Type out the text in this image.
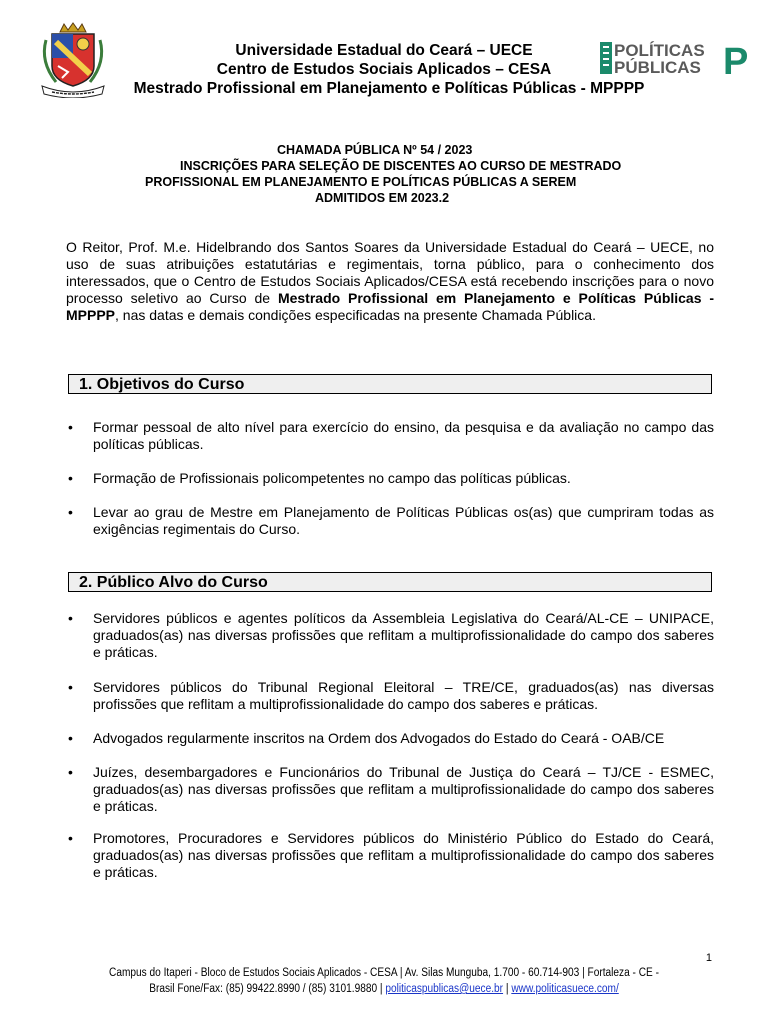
POLÍTICAS
PÚBLICAS P
Universidade Estadual do Ceará – UECE
Centro de Estudos Sociais Aplicados – CESA
Mestrado Profissional em Planejamento e Políticas Públicas - MPPPP
CHAMADA PÚBLICA Nº 54 / 2023
INSCRIÇÕES PARA SELEÇÃO DE DISCENTES AO CURSO DE MESTRADO
PROFISSIONAL EM PLANEJAMENTO E POLÍTICAS PÚBLICAS A SEREM
ADMITIDOS EM 2023.2
O Reitor, Prof. M.e. Hidelbrando dos Santos Soares da Universidade Estadual do Ceará – UECE, no uso de suas atribuições estatutárias e regimentais, torna público, para o conhecimento dos interessados, que o Centro de Estudos Sociais Aplicados/CESA está recebendo inscrições para o novo processo seletivo ao Curso de Mestrado Profissional em Planejamento e Políticas Públicas - MPPPP, nas datas e demais condições especificadas na presente Chamada Pública.
1. Objetivos do Curso
• Formar pessoal de alto nível para exercício do ensino, da pesquisa e da avaliação no campo das políticas públicas.
• Formação de Profissionais policompetentes no campo das políticas públicas.
• Levar ao grau de Mestre em Planejamento de Políticas Públicas os(as) que cumpriram todas as exigências regimentais do Curso.
2. Público Alvo do Curso
• Servidores públicos e agentes políticos da Assembleia Legislativa do Ceará/AL-CE – UNIPACE, graduados(as) nas diversas profissões que reflitam a multiprofissionalidade do campo dos saberes e práticas.
• Servidores públicos do Tribunal Regional Eleitoral – TRE/CE, graduados(as) nas diversas profissões que reflitam a multiprofissionalidade do campo dos saberes e práticas.
• Advogados regularmente inscritos na Ordem dos Advogados do Estado do Ceará - OAB/CE
• Juízes, desembargadores e Funcionários do Tribunal de Justiça do Ceará – TJ/CE - ESMEC, graduados(as) nas diversas profissões que reflitam a multiprofissionalidade do campo dos saberes e práticas.
• Promotores, Procuradores e Servidores públicos do Ministério Público do Estado do Ceará, graduados(as) nas diversas profissões que reflitam a multiprofissionalidade do campo dos saberes e práticas.
1
Campus do Itaperi - Bloco de Estudos Sociais Aplicados - CESA | Av. Silas Munguba, 1.700 - 60.714-903 | Fortaleza - CE -
Brasil Fone/Fax: (85) 99422.8990 / (85) 3101.9880 | politicaspublicas@uece.br | www.politicasuece.com/
